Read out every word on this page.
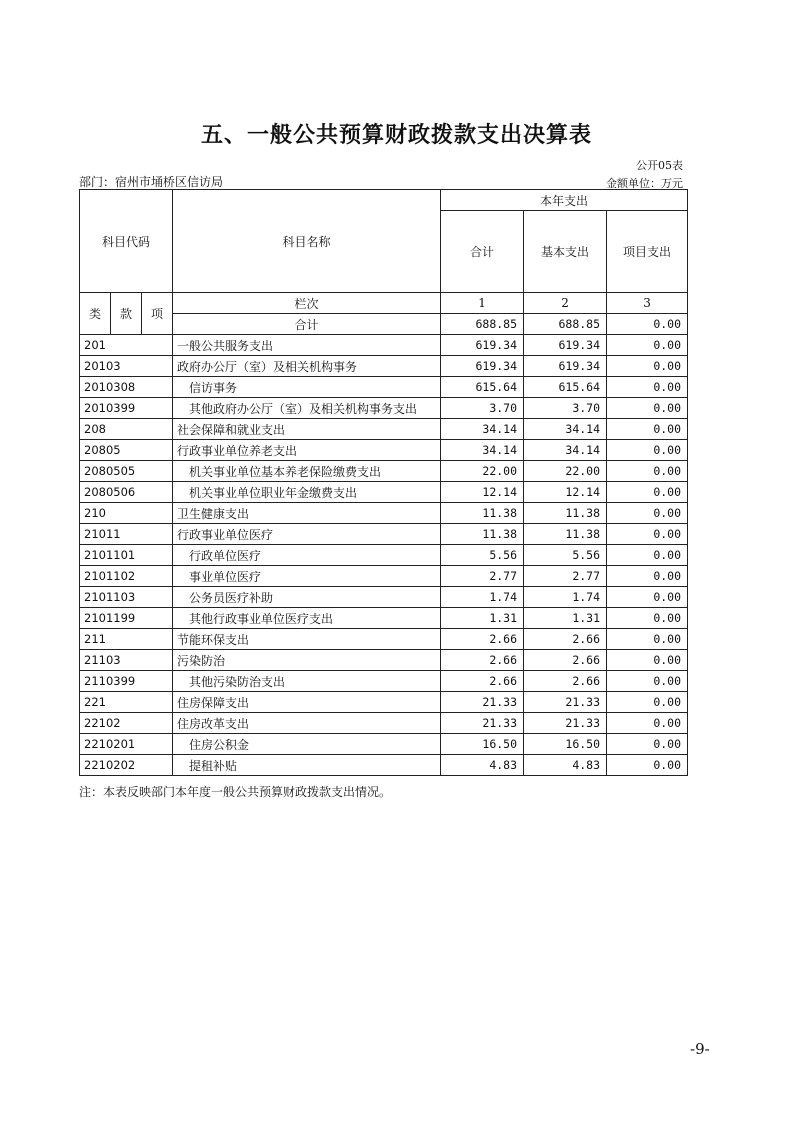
五、一般公共预算财政拨款支出决算表
公开05表
部门：宿州市埇桥区信访局	金额单位：万元
科目代码			科目名称	本年支出		
				合计	基本支出	项目支出

类	款	项	栏次	1	2	3
			合计	688.85	688.85	0.00
201			一般公共服务支出	619.34	619.34	0.00
20103			政府办公厅（室）及相关机构事务	619.34	619.34	0.00
2010308			信访事务	615.64	615.64	0.00
2010399			其他政府办公厅（室）及相关机构事务支出	3.70	3.70	0.00
208			社会保障和就业支出	34.14	34.14	0.00
20805			行政事业单位养老支出	34.14	34.14	0.00
2080505			机关事业单位基本养老保险缴费支出	22.00	22.00	0.00
2080506			机关事业单位职业年金缴费支出	12.14	12.14	0.00
210			卫生健康支出	11.38	11.38	0.00
21011			行政事业单位医疗	11.38	11.38	0.00
2101101			行政单位医疗	5.56	5.56	0.00
2101102			事业单位医疗	2.77	2.77	0.00
2101103			公务员医疗补助	1.74	1.74	0.00
2101199			其他行政事业单位医疗支出	1.31	1.31	0.00
211			节能环保支出	2.66	2.66	0.00
21103			污染防治	2.66	2.66	0.00
2110399			其他污染防治支出	2.66	2.66	0.00
221			住房保障支出	21.33	21.33	0.00
22102			住房改革支出	21.33	21.33	0.00
2210201			住房公积金	16.50	16.50	0.00
2210202			提租补贴	4.83	4.83	0.00
注：本表反映部门本年度一般公共预算财政拨款支出情况。
-9-
